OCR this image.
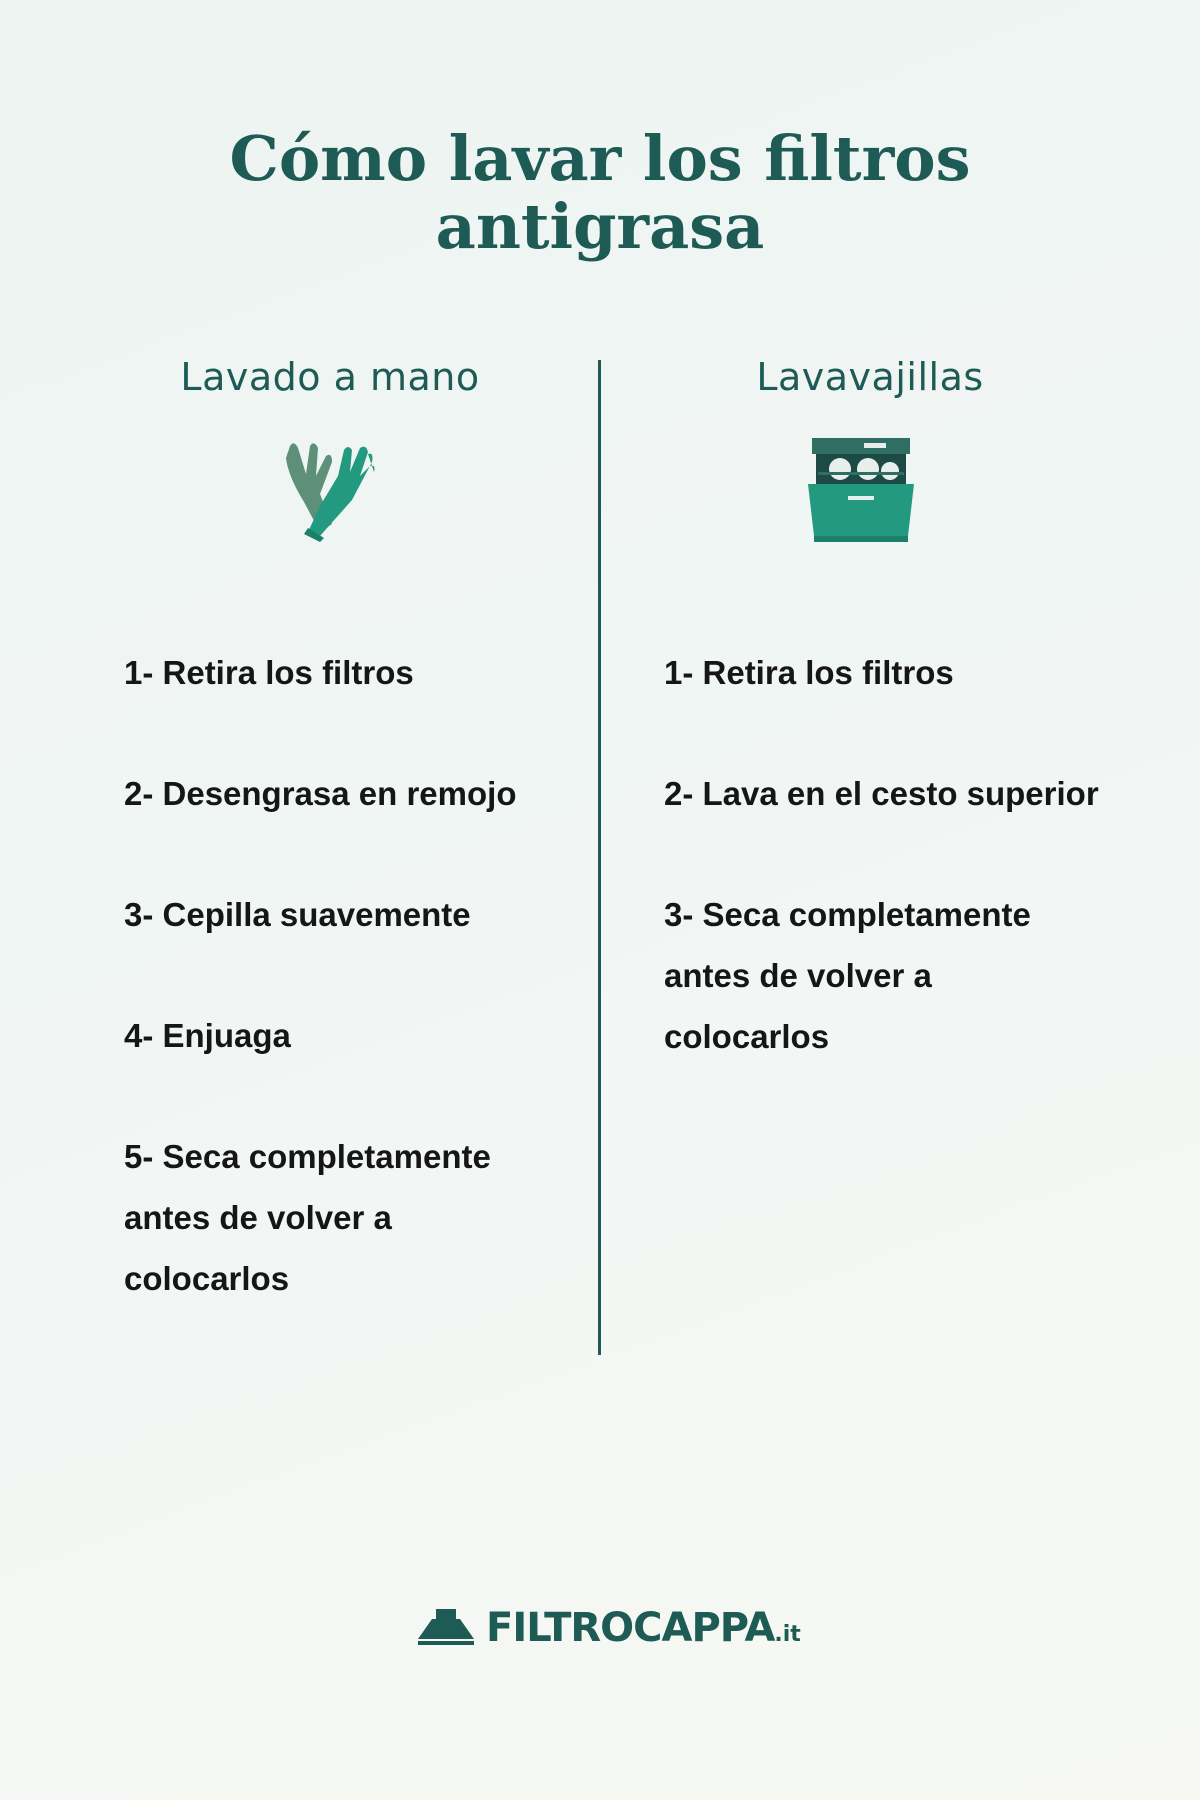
Cómo lavar los filtros
antigrasa
Lavado a mano	Lavavajillas
1- Retira los filtros
2- Desengrasa en remojo
3- Cepilla suavemente
4- Enjuaga
5- Seca completamente antes de volver a colocarlos
1- Retira los filtros
2- Lava en el cesto superior
3- Seca completamente antes de volver a colocarlos
FILTROCAPPA.it
